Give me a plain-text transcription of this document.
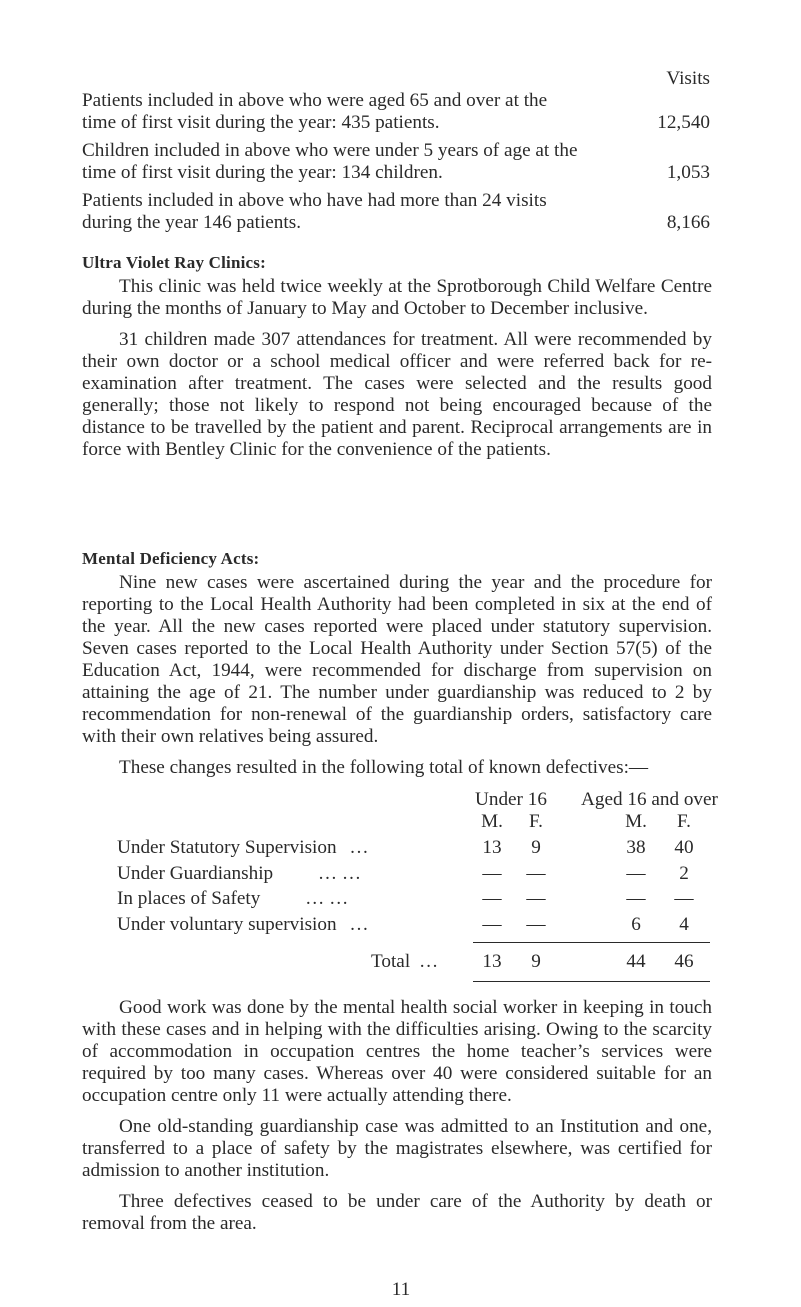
Visits
Patients included in above who were aged 65 and over at the
time of first visit during the year: 435 patients.	12,540
Children included in above who were under 5 years of age at the
time of first visit during the year: 134 children.	1,053
Patients included in above who have had more than 24 visits
during the year 146 patients.	8,166
Ultra Violet Ray Clinics:

This clinic was held twice weekly at the Sprotborough Child Welfare Centre during the months of January to May and October to December inclusive.

31 children made 307 attendances for treatment. All were recommended by their own doctor or a school medical officer and were referred back for re-examination after treatment. The cases were selected and the results good generally; those not likely to respond not being encouraged because of the distance to be travelled by the patient and parent. Reciprocal arrangements are in force with Bentley Clinic for the convenience of the patients.

Mental Deficiency Acts:

Nine new cases were ascertained during the year and the procedure for reporting to the Local Health Authority had been completed in six at the end of the year. All the new cases reported were placed under statutory supervision. Seven cases reported to the Local Health Authority under Section 57(5) of the Education Act, 1944, were recommended for discharge from supervision on attaining the age of 21. The number under guardianship was reduced to 2 by recommendation for non-renewal of the guardianship orders, satisfactory care with their own relatives being assured.

These changes resulted in the following total of known defectives:—

Under 16 Aged 16 and over
M.	F.	M.	F.
Under Statutory Supervision …	13	9	38	40
Under Guardianship … …	—	—	—	2
In places of Safety … …	—	—	—	—
Under voluntary supervision …	—	—	6	4
Total …	13	9	44	46

Good work was done by the mental health social worker in keeping in touch with these cases and in helping with the difficulties arising. Owing to the scarcity of accommodation in occupation centres the home teacher’s services were required by too many cases. Whereas over 40 were considered suitable for an occupation centre only 11 were actually attending there.

One old-standing guardianship case was admitted to an Institution and one, transferred to a place of safety by the magistrates elsewhere, was certified for admission to another institution.

Three defectives ceased to be under care of the Authority by death or removal from the area.

11
